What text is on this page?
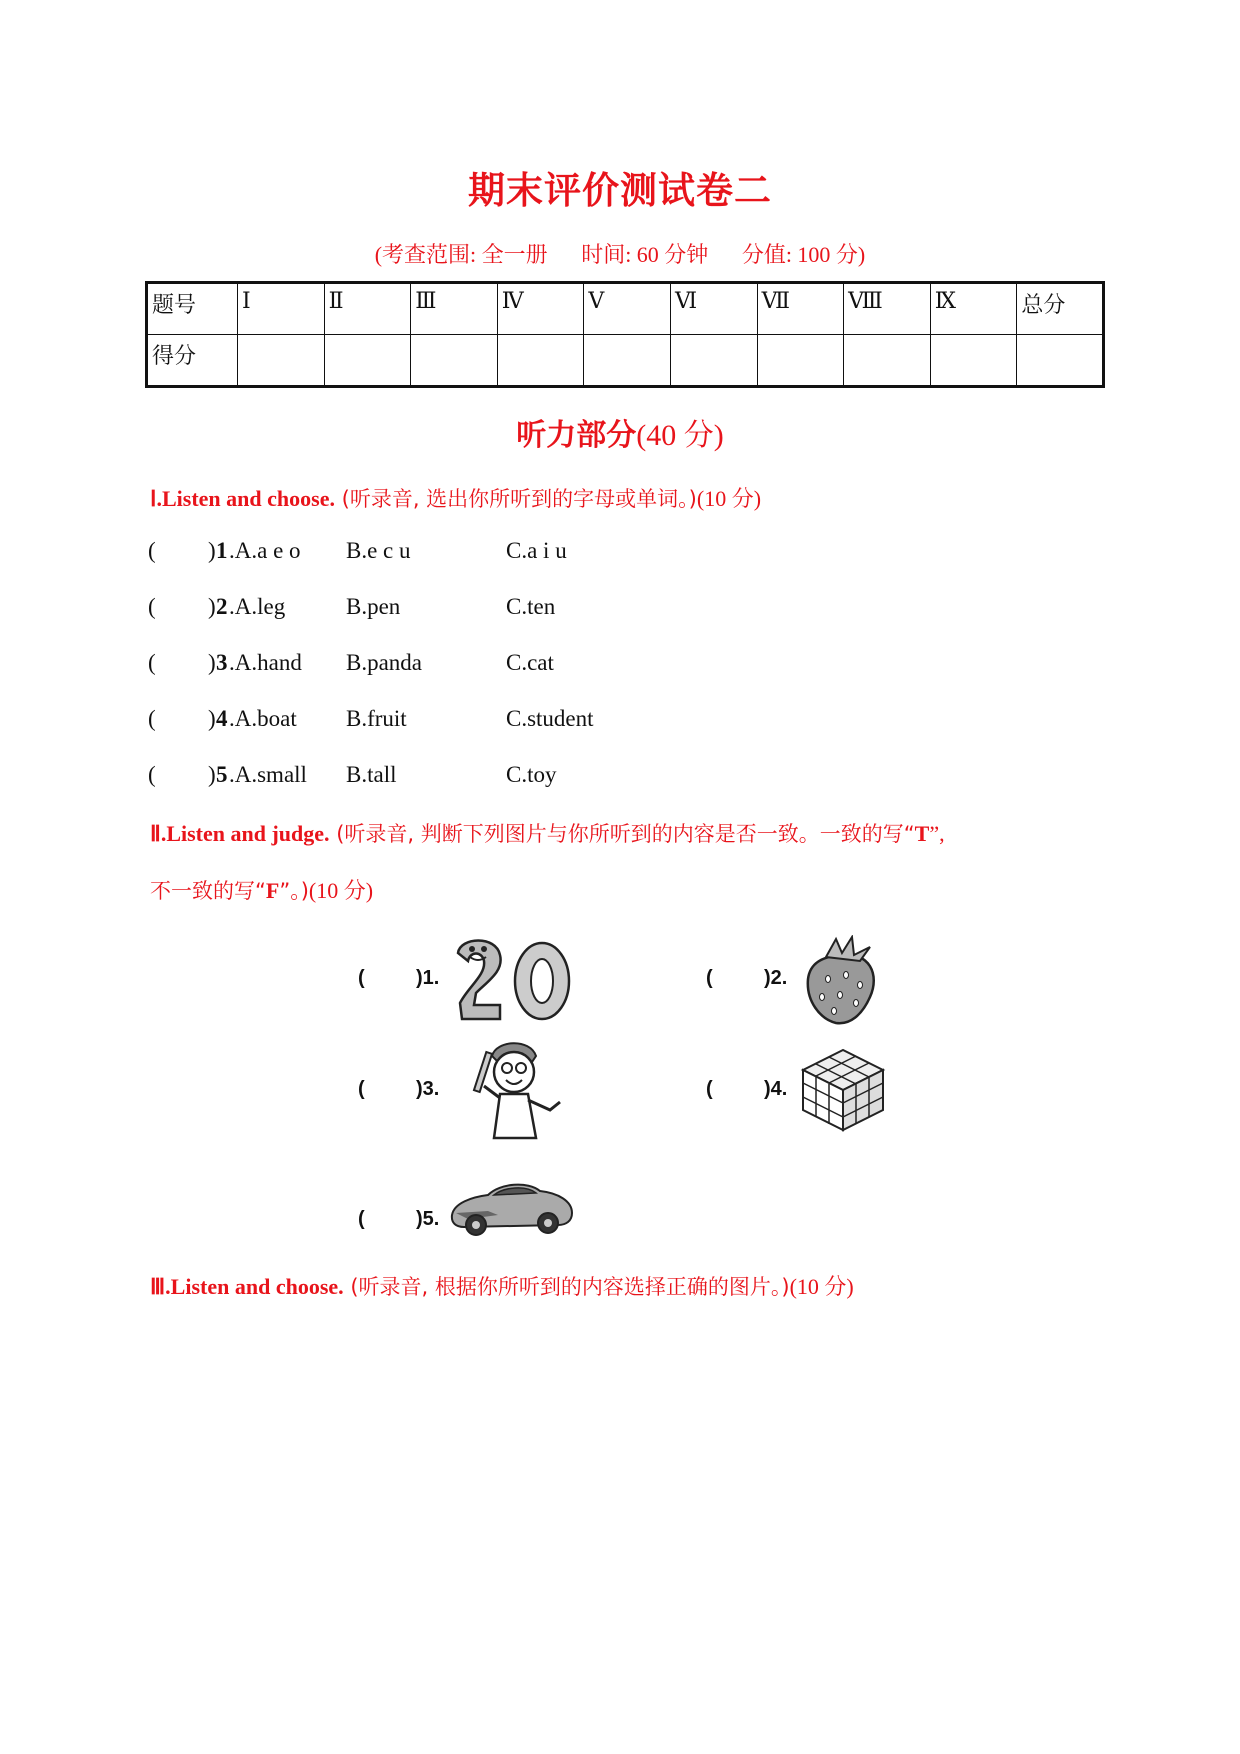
期末评价测试卷二
(考查范围: 全一册 时间: 60 分钟 分值: 100 分)
题号	Ⅰ	Ⅱ	Ⅲ	Ⅳ	Ⅴ	Ⅵ	Ⅶ	Ⅷ	Ⅸ	总分
得分										
听力部分(40 分)
Ⅰ.Listen and choose. (听录音, 选出你所听到的字母或单词。)(10 分)
( ) 1 .A.a e o B.e c u	C.a i u
( ) 2 .A.leg	B.pen	C.ten
( ) 3 .A.hand B.panda	C.cat
( ) 4 .A.boat B.fruit	C.student
( ) 5 .A.small B.tall	C.toy
Ⅱ.Listen and judge. (听录音, 判断下列图片与你所听到的内容是否一致。一致的写“T”,
不一致的写“F”。)(10 分)
(	)1.	(	)2.
(	)3.	(	)4.
(	)5.
Ⅲ.Listen and choose. (听录音, 根据你所听到的内容选择正确的图片。)(10 分)
